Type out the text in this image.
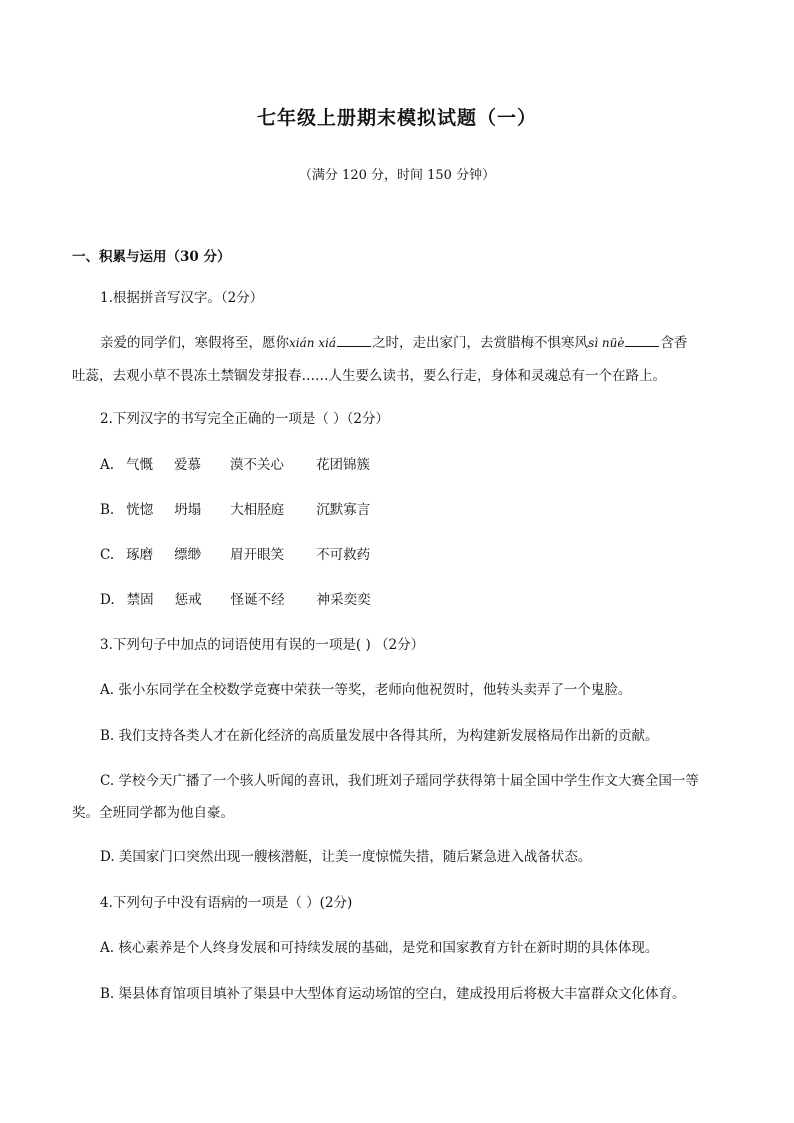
七年级上册期末模拟试题（一）
（满分 120 分，时间 150 分钟）
一、积累与运用（30 分）
1.根据拼音写汉字。（2分）
亲爱的同学们，寒假将至，愿你xián xiá	之时，走出家门，去赏腊梅不惧寒风sì nüè	含香
吐蕊，去观小草不畏冻土禁锢发芽报春……人生要么读书，要么行走，身体和灵魂总有一个在路上。
2.下列汉字的书写完全正确的一项是（ ）（2分）
A. 气慨 爱慕 漠不关心 花团锦簇
B. 恍惚 坍塌 大相胫庭 沉默寡言
C. 琢磨 缥缈 眉开眼笑 不可救药
D. 禁固 惩戒 怪诞不经 神采奕奕
3.下列句子中加点的词语使用有误的一项是( ) （2分）
A. 张小东同学在全校数学竞赛中荣获一等奖，老师向他祝贺时，他转头卖弄了一个鬼脸。
B. 我们支持各类人才在新化经济的高质量发展中各得其所，为构建新发展格局作出新的贡献。
C. 学校今天广播了一个骇人听闻的喜讯，我们班刘子瑶同学获得第十届全国中学生作文大赛全国一等
奖。全班同学都为他自豪。
D. 美国家门口突然出现一艘核潜艇，让美一度惊慌失措，随后紧急进入战备状态。
4.下列句子中没有语病的一项是（ ）(2分)
A. 核心素养是个人终身发展和可持续发展的基础，是党和国家教育方针在新时期的具体体现。
B. 渠县体育馆项目填补了渠县中大型体育运动场馆的空白，建成投用后将极大丰富群众文化体育。
